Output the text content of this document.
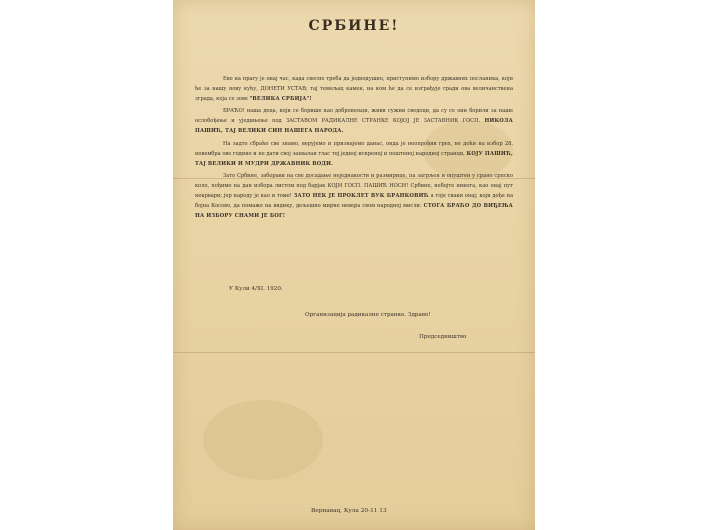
СРБИНЕ!

Ево на прагу је онај час, када свесно треба да једнодушно, приступимо избору државних посланика, који ће за нашу нову кућу, ДОНЕТИ УСТАВ; тај темељац камен, на ком ће да се изграђује гради ова величанствена зграда, која се зове "ВЕЛИКА СРБИЈА"!

БРАЋО! наша деца, који се борише као добровољци, живи сужни сведоци, да су се они борили за наше ослобођење и уједињење под ЗАСТАВОМ РАДИКАЛНЕ СТРАНКЕ КОЈОЈ ЈЕ ЗАСТАВНИК ГОСП. НИКОЛА ПАШИЋ, ТАЈ ВЕЛИКИ СИН НАШЕГА НАРОДА.

На задто сбраћо све знамо, верујемо и признајемо данас, онда је неопрођив грех, не доћи на избор 28. новембра ове године и не дати свој захвалан глас тој једној искреној и поштеној народној странци, КОЈУ ПАШИЋ, ТАЈ ВЕЛИКИ И МУДРИ ДРЖАВНИК ВОДИ.

Зато Србине, заборави на све досадање неједнакости и размирице, па загрљен и опуштен у срано српско коло, пођимо на дан избора листом под барјак КОЈИ ГОСП. ПАШИЋ НОСИ! Србине, небојте никога, као онај пут некрвари; јер народу је као и томе! ЗАТО НЕК ЈЕ ПРОКЛЕТ ВУК БРАНКОВИЋ а тоје сваки онај; који дође на бојна Косово, да помаже на видику, дељешно мирне невера свом народној мисли: СТОГА БРАЋО ДО ВИЂЕЊА НА ИЗБОРУ СНАМИ ЈЕ БОГ!

У Кули 4/XI. 1920.
Организација радикалне странке. Здраво!
Председништво
Вернавац, Кула 20-11 13
